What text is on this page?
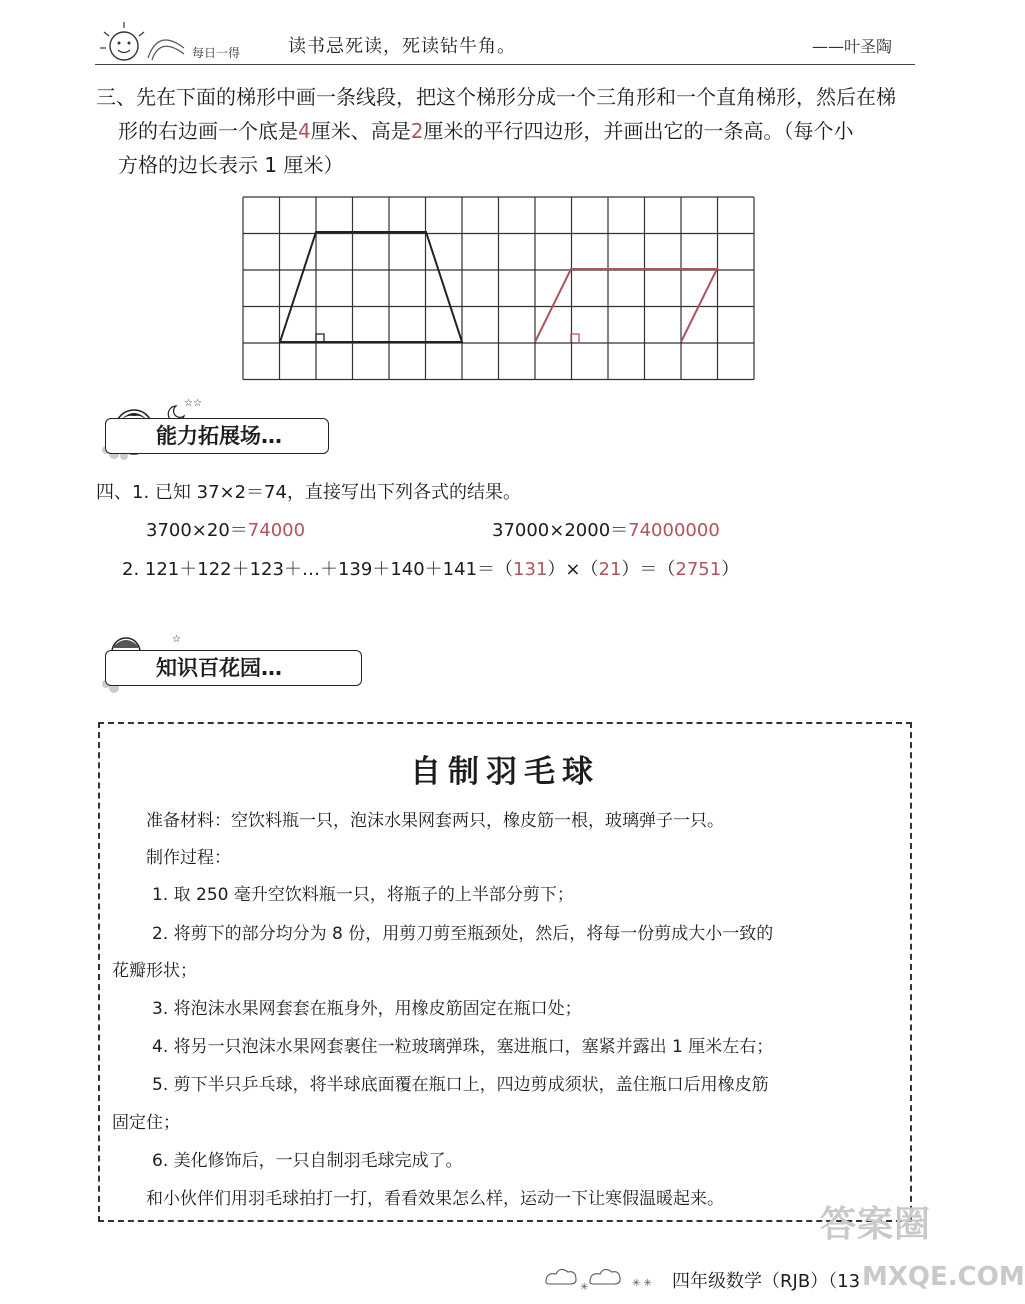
每日一得	读书忌死读，死读钻牛角。	——叶圣陶
三、先在下面的梯形中画一条线段，把这个梯形分成一个三角形和一个直角梯形，然后在梯
形的右边画一个底是4厘米、高是2厘米的平行四边形，并画出它的一条高。（每个小
方格的边长表示 1 厘米）
☆☆
能力拓展场…
四、1. 已知 37×2＝74，直接写出下列各式的结果。
3700×20＝74000	37000×2000＝74000000
2. 121＋122＋123＋…＋139＋140＋141＝（131）×（21）＝（2751）
☆
知识百花园…
自制羽毛球
准备材料：空饮料瓶一只，泡沫水果网套两只，橡皮筋一根，玻璃弹子一只。
制作过程：
1. 取 250 毫升空饮料瓶一只，将瓶子的上半部分剪下；
2. 将剪下的部分均分为 8 份，用剪刀剪至瓶颈处，然后，将每一份剪成大小一致的
花瓣形状；
3. 将泡沫水果网套套在瓶身外，用橡皮筋固定在瓶口处；
4. 将另一只泡沫水果网套裹住一粒玻璃弹珠，塞进瓶口，塞紧并露出 1 厘米左右；
5. 剪下半只乒乓球，将半球底面覆在瓶口上，四边剪成须状，盖住瓶口后用橡皮筋
固定住；
6. 美化修饰后，一只自制羽毛球完成了。
和小伙伴们用羽毛球拍打一打，看看效果怎么样，运动一下让寒假温暖起来。
✳	✳ ✳ 四年级数学（RJB）（13
答案圈
MXQE.COM
